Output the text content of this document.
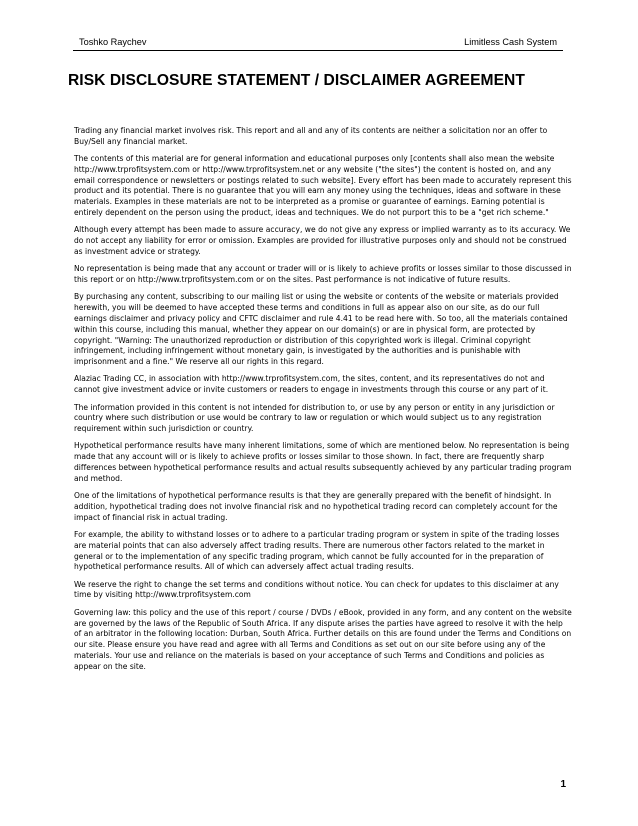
Toshko Raychev	Limitless Cash System
RISK DISCLOSURE STATEMENT / DISCLAIMER AGREEMENT

Trading any financial market involves risk. This report and all and any of its contents are neither a solicitation nor an offer to Buy/Sell any financial market.

The contents of this material are for general information and educational purposes only [contents shall also mean the website http://www.trprofitsystem.com or http://www.trprofitsystem.net or any website ("the sites") the content is hosted on, and any email correspondence or newsletters or postings related to such website]. Every effort has been made to accurately represent this product and its potential. There is no guarantee that you will earn any money using the techniques, ideas and software in these materials. Examples in these materials are not to be interpreted as a promise or guarantee of earnings. Earning potential is entirely dependent on the person using the product, ideas and techniques. We do not purport this to be a "get rich scheme."

Although every attempt has been made to assure accuracy, we do not give any express or implied warranty as to its accuracy. We do not accept any liability for error or omission. Examples are provided for illustrative purposes only and should not be construed as investment advice or strategy.

No representation is being made that any account or trader will or is likely to achieve profits or losses similar to those discussed in this report or on http://www.trprofitsystem.com or on the sites. Past performance is not indicative of future results.

By purchasing any content, subscribing to our mailing list or using the website or contents of the website or materials provided herewith, you will be deemed to have accepted these terms and conditions in full as appear also on our site, as do our full earnings disclaimer and privacy policy and CFTC disclaimer and rule 4.41 to be read here with. So too, all the materials contained within this course, including this manual, whether they appear on our domain(s) or are in physical form, are protected by copyright. "Warning: The unauthorized reproduction or distribution of this copyrighted work is illegal. Criminal copyright infringement, including infringement without monetary gain, is investigated by the authorities and is punishable with imprisonment and a fine." We reserve all our rights in this regard.

Alaziac Trading CC, in association with http://www.trprofitsystem.com, the sites, content, and its representatives do not and cannot give investment advice or invite customers or readers to engage in investments through this course or any part of it.

The information provided in this content is not intended for distribution to, or use by any person or entity in any jurisdiction or country where such distribution or use would be contrary to law or regulation or which would subject us to any registration requirement within such jurisdiction or country.

Hypothetical performance results have many inherent limitations, some of which are mentioned below. No representation is being made that any account will or is likely to achieve profits or losses similar to those shown. In fact, there are frequently sharp differences between hypothetical performance results and actual results subsequently achieved by any particular trading program and method.

One of the limitations of hypothetical performance results is that they are generally prepared with the benefit of hindsight. In addition, hypothetical trading does not involve financial risk and no hypothetical trading record can completely account for the impact of financial risk in actual trading.

For example, the ability to withstand losses or to adhere to a particular trading program or system in spite of the trading losses are material points that can also adversely affect trading results. There are numerous other factors related to the market in general or to the implementation of any specific trading program, which cannot be fully accounted for in the preparation of hypothetical performance results. All of which can adversely affect actual trading results.

We reserve the right to change the set terms and conditions without notice. You can check for updates to this disclaimer at any time by visiting http://www.trprofitsystem.com

Governing law: this policy and the use of this report / course / DVDs / eBook, provided in any form, and any content on the website are governed by the laws of the Republic of South Africa. If any dispute arises the parties have agreed to resolve it with the help of an arbitrator in the following location: Durban, South Africa. Further details on this are found under the Terms and Conditions on our site. Please ensure you have read and agree with all Terms and Conditions as set out on our site before using any of the materials. Your use and reliance on the materials is based on your acceptance of such Terms and Conditions and policies as appear on the site.

1
